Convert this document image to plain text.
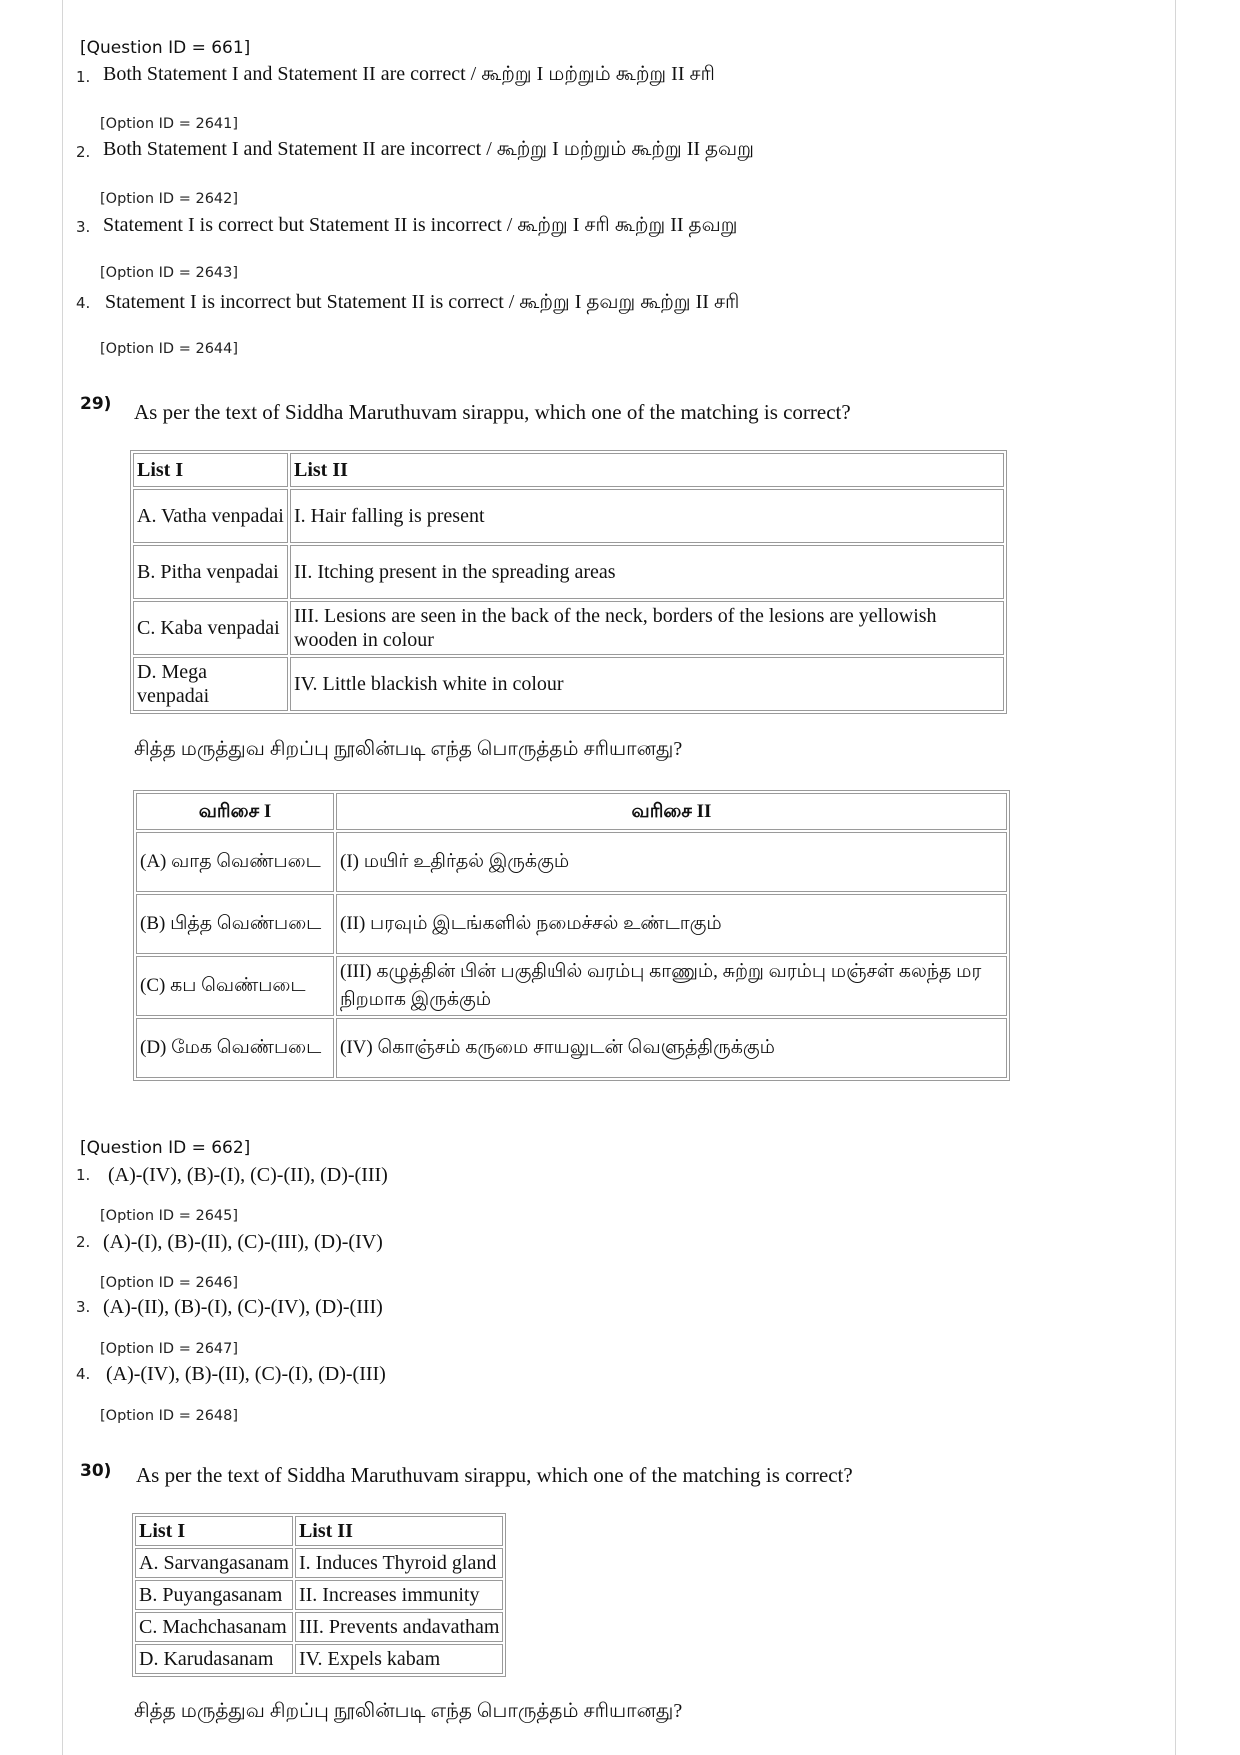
[Question ID = 661]
1. Both Statement I and Statement II are correct / கூற்று I மற்றும் கூற்று II சரி
[Option ID = 2641]
2. Both Statement I and Statement II are incorrect / கூற்று I மற்றும் கூற்று II தவறு
[Option ID = 2642]
3. Statement I is correct but Statement II is incorrect / கூற்று I சரி கூற்று II தவறு
[Option ID = 2643]
4. Statement I is incorrect but Statement II is correct / கூற்று I தவறு கூற்று II சரி
[Option ID = 2644]
29) As per the text of Siddha Maruthuvam sirappu, which one of the matching is correct?
List I	List II
A. Vatha venpadai	I. Hair falling is present
B. Pitha venpadai	II. Itching present in the spreading areas
C. Kaba venpadai	III. Lesions are seen in the back of the neck, borders of the lesions are yellowish wooden in colour
D. Mega venpadai	IV. Little blackish white in colour
சித்த மருத்துவ சிறப்பு நூலின்படி எந்த பொருத்தம் சரியானது?
வரிசை I	வரிசை II
(A) வாத வெண்படை	(I) மயிர் உதிர்தல் இருக்கும்
(B) பித்த வெண்படை	(II) பரவும் இடங்களில் நமைச்சல் உண்டாகும்
(C) கப வெண்படை	(III) கழுத்தின் பின் பகுதியில் வரம்பு காணும், சுற்று வரம்பு மஞ்சள் கலந்த மர நிறமாக இருக்கும்
(D) மேக வெண்படை	(IV) கொஞ்சம் கருமை சாயலுடன் வெளுத்திருக்கும்
[Question ID = 662]
1. (A)-(IV), (B)-(I), (C)-(II), (D)-(III)
[Option ID = 2645]
2. (A)-(I), (B)-(II), (C)-(III), (D)-(IV)
[Option ID = 2646]
3. (A)-(II), (B)-(I), (C)-(IV), (D)-(III)
[Option ID = 2647]
4. (A)-(IV), (B)-(II), (C)-(I), (D)-(III)
[Option ID = 2648]
30) As per the text of Siddha Maruthuvam sirappu, which one of the matching is correct?
List I	List II
A. Sarvangasanam	I. Induces Thyroid gland
B. Puyangasanam	II. Increases immunity
C. Machchasanam	III. Prevents andavatham
D. Karudasanam	IV. Expels kabam
சித்த மருத்துவ சிறப்பு நூலின்படி எந்த பொருத்தம் சரியானது?
